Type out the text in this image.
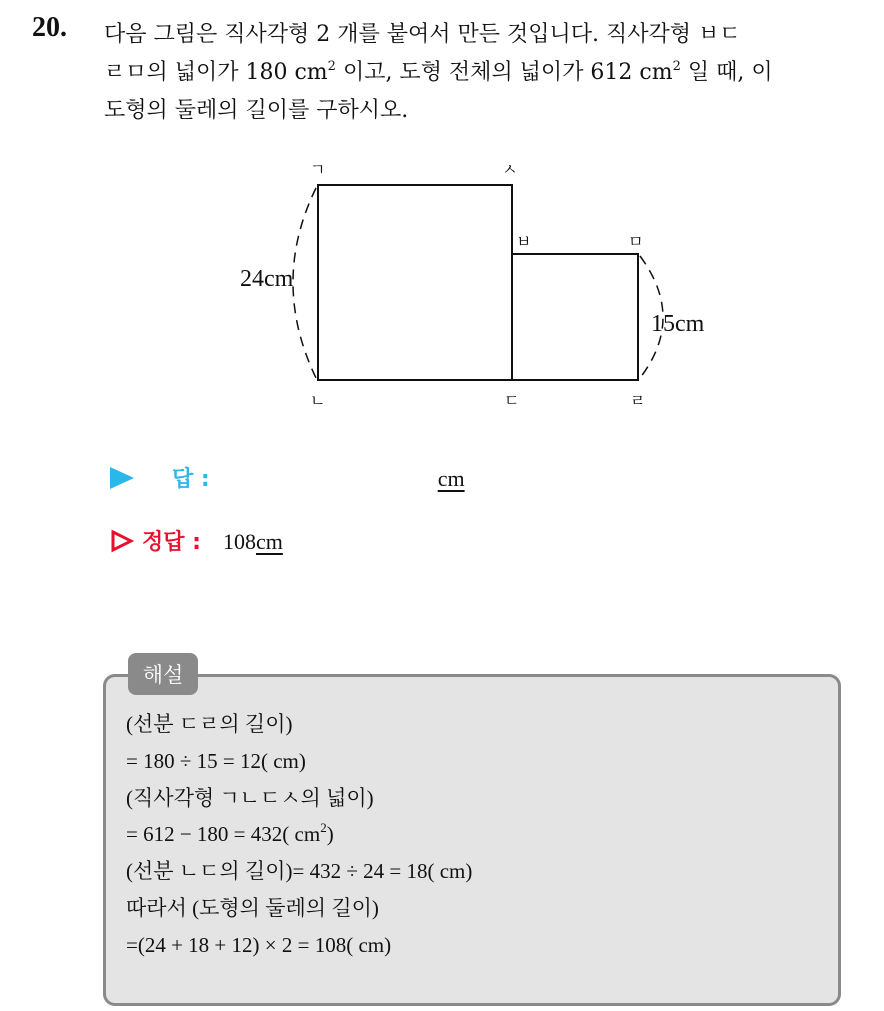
20. 다음 그림은 직사각형 2 개를 붙여서 만든 것입니다. 직사각형 ㅂㄷ
ㄹㅁ의 넓이가 180 $cm^2$ 이고, 도형 전체의 넓이가 612 $cm^2$ 일 때, 이
도형의 둘레의 길이를 구하시오.
ㄱ	ㅅ
ㅂ	ㅁ
ㄴ	ㄷ	ㄹ
24cm
15cm
답 :	cm
정답 : 108 cm
해설
(선분 ㄷㄹ의 길이)
= 180 ÷ 15 = 12( cm)
(직사각형 ㄱㄴㄷㅅ의 넓이)
= 612 − 180 = 432( $cm^2$)
(선분 ㄴㄷ의 길이)= 432 ÷ 24 = 18( cm)
따라서 (도형의 둘레의 길이)
=(24 + 18 + 12) × 2 = 108( cm)
